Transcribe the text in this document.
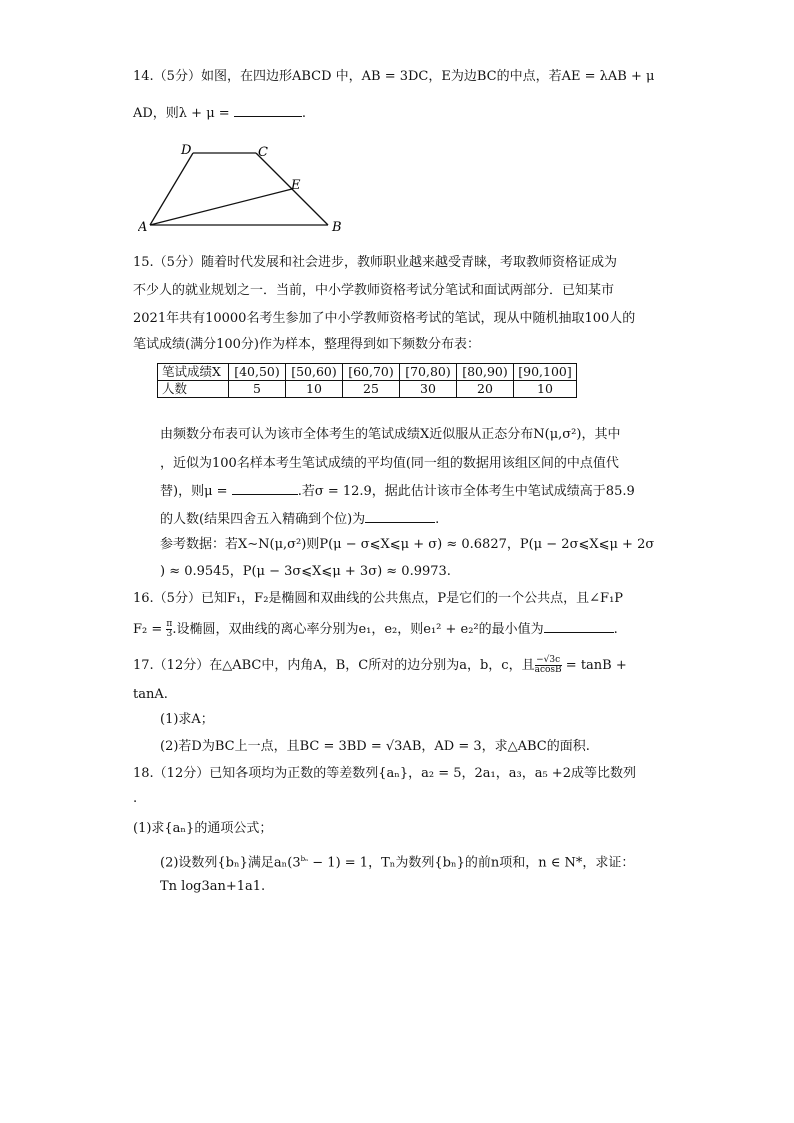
14.（5分）如图，在四边形ABCD 中，AB = 3DC，E为边BC的中点，若AE = λAB + μ
AD，则λ + μ =	.
A	B
C
D
E
15.（5分）随着时代发展和社会进步，教师职业越来越受青睐，考取教师资格证成为
不少人的就业规划之一．当前，中小学教师资格考试分笔试和面试两部分．已知某市
2021年共有10000名考生参加了中小学教师资格考试的笔试，现从中随机抽取100人的
笔试成绩(满分100分)作为样本，整理得到如下频数分布表：
笔试成绩X	[40,50)	[50,60)	[60,70)	[70,80)	[80,90)	[90,100]
人数	5	10	25	30	20	10
由频数分布表可认为该市全体考生的笔试成绩X近似服从正态分布N(μ,σ²)，其中
，近似为100名样本考生笔试成绩的平均值(同一组的数据用该组区间的中点值代
替)，则μ =	.若σ = 12.9，据此估计该市全体考生中笔试成绩高于85.9
的人数(结果四舍五入精确到个位)为	.
参考数据：若X∼N(μ,σ²)则P(μ − σ⩽X⩽μ + σ) ≈ 0.6827，P(μ − 2σ⩽X⩽μ + 2σ
) ≈ 0.9545，P(μ − 3σ⩽X⩽μ + 3σ) ≈ 0.9973.
16.（5分）已知F₁，F₂是椭圆和双曲线的公共焦点，P是它们的一个公共点，且∠F₁P
$F_2 = \frac{\pi}{3}$ .设椭圆，双曲线的离心率分别为e₁，e₂，则e₁² + e₂²的最小值为	.
17.（12分）在△ABC中，内角A，B，C所对的边分别为a，b，c，且 $\frac{-√3c}{acosB} = \tan B$ +
tanA.
(1)求A；
(2)若D为BC上一点，且BC = 3BD = √3AB，AD = 3，求△ABC的面积.
18.（12分）已知各项均为正数的等差数列{aₙ}，a₂ = 5，2a₁，a₃，a₅ +2成等比数列
.
(1)求{aₙ}的通项公式；
(2)设数列{bₙ}满足$a_n(3^{b_n} - 1) = 1$，Tₙ为数列{bₙ}的前n项和，n ∈ N*，求证：
Tn log3an+1a1.
